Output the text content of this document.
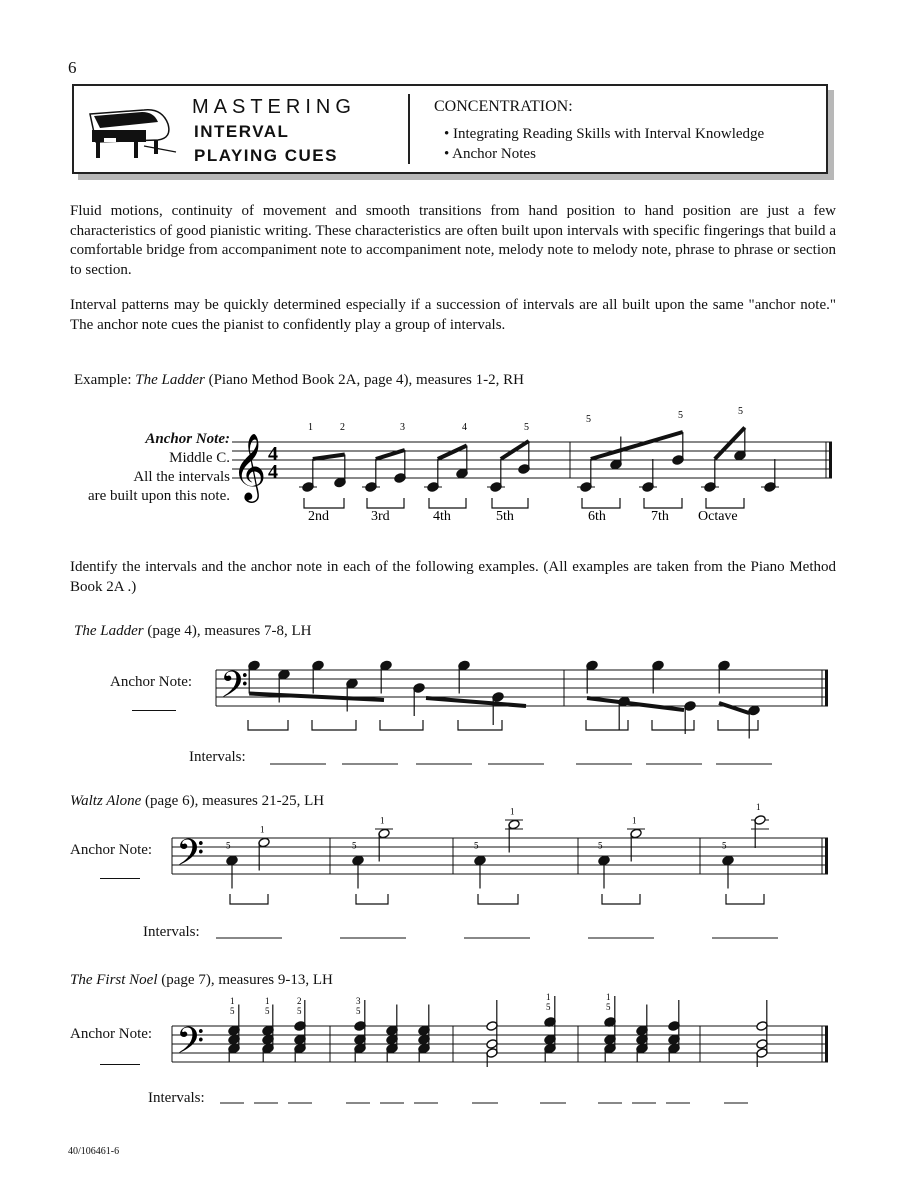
6
MASTERING
INTERVAL
PLAYING CUES
CONCENTRATION:
• Integrating Reading Skills with Interval Knowledge
• Anchor Notes
Fluid motions, continuity of movement and smooth transitions from hand position to hand position are just a few characteristics of good pianistic writing. These characteristics are often built upon intervals with specific fingerings that build a comfortable bridge from accompaniment note to accompaniment note, melody note to melody note, phrase to phrase or section to section.
Interval patterns may be quickly determined especially if a succession of intervals are all built upon the same "anchor note." The anchor note cues the pianist to confidently play a group of intervals.
Example: The Ladder (Piano Method Book 2A, page 4), measures 1-2, RH
Anchor Note:
Middle C.
All the intervals
are built upon this note. 𝄞 4
4
2nd	3rd	4th	5th	6th	7th Octave
1	2	3	4	5
5	5	5
Identify the intervals and the anchor note in each of the following examples. (All examples are taken from the Piano Method Book 2A .)
The Ladder (page 4), measures 7-8, LH
Anchor Note: 𝄢
Intervals:
Waltz Alone (page 6), measures 21-25, LH
Anchor Note: 𝄢 5
1
5
1
5
1
5
1
5
1
Intervals:
The First Noel (page 7), measures 9-13, LH
Anchor Note: 𝄢
1
5
1
5
2
5
3
5
1
5
1
5
Intervals:
40/106461-6
